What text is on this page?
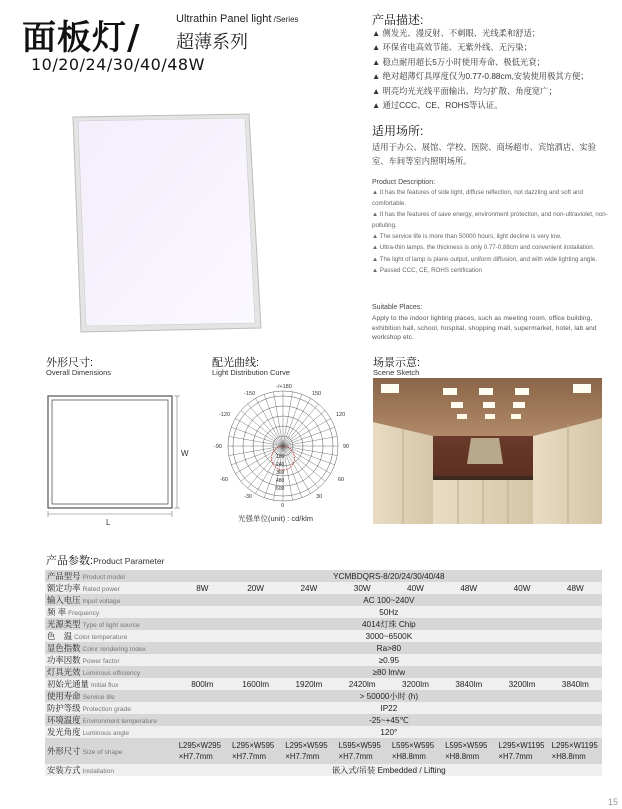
面板灯/	Ultrathin Panel light /Series
超薄系列
10/20/24/30/40/48W
产品描述:
▲ 侧发光、漫反射、不刺眼、光线柔和舒适；
▲ 环保省电高效节能、无紫外线、无污染；
▲ 稳点耐用超长5万小时使用寿命、极低光衰；
▲ 绝对超薄灯具厚度仅为0.77-0.88cm,安装使用极其方便；
▲ 明亮均光光线平面输出、均匀扩散、角度宽广；
▲ 通过CCC、CE、ROHS等认证。
适用场所:
适用于办公、展馆、学校、医院、商场超市、宾馆酒店、实验室、车间等室内照明场所。
Product Description:
▲ It has the features of side light, diffuse reflection, not dazzling and soft and comfortable.
▲ It has the features of save energy, environment protection, and non-ultraviolet, non-polluting.
▲ The service life is more than 50000 hours, light decline is very low.
▲ Ultra-thin lamps, the thickness is only 0.77-0.88cm and convenient installation.
▲ The light of lamp is plane output, uniform diffusion, and with wide lighting angle.
▲ Passed CCC, CE, ROHS certification
Suitable Places:
Apply to the indoor lighting places, such as meeting room, office building, exhibition hall, school, hospital, shopping mall, supermarket, hotel, lab and workshop etc.
外形尺寸:
Overall Dimensions
配光曲线:
Light Distribution Curve
场景示意:
Scene Sketch
W
L
-150
-/+180
150
-120	120
-90	90
-60	60
-30
0
30
120
240
360
480
600
光强单位(unit) : cd/klm
产品参数:Product Parameter
产品型号 Product model	YCMBDQRS-8/20/24/30/40/48							
额定功率 Rated power	8W	20W	24W	30W	40W	48W	40W	48W
输入电压 Input voltage	AC 100~240V							
频 率 Frequency	50Hz							
光源类型 Type of light source	4014灯珠 Chip							
色　温 Color temperature	3000~6500K							
显色指数 Color rendering Index	Ra>80							
功率因数 Power factor	≥0.95							
灯具光效 Luminous efficiency	≥80 lm/w							
初始光通量 Initial flux	800lm	1600lm	1920lm	2420lm	3200lm	3840lm	3200lm	3840lm
使用寿命 Service life	> 50000小时 (h)							
防护等级 Protection grade	IP22							
环境温度 Environment temperature	-25~+45℃							
发光角度 Luminous angle	120°							
外形尺寸 Size of shape	L295×W295 ×H7.7mm	L295×W595 ×H7.7mm	L295×W595 ×H7.7mm	L595×W595 ×H7.7mm	L595×W595 ×H8.8mm	L595×W595 ×H8.8mm	L295×W1195 ×H7.7mm	L295×W1195 ×H8.8mm
安装方式 Installation	嵌入式/吊装 Embedded / Lifting							
15
